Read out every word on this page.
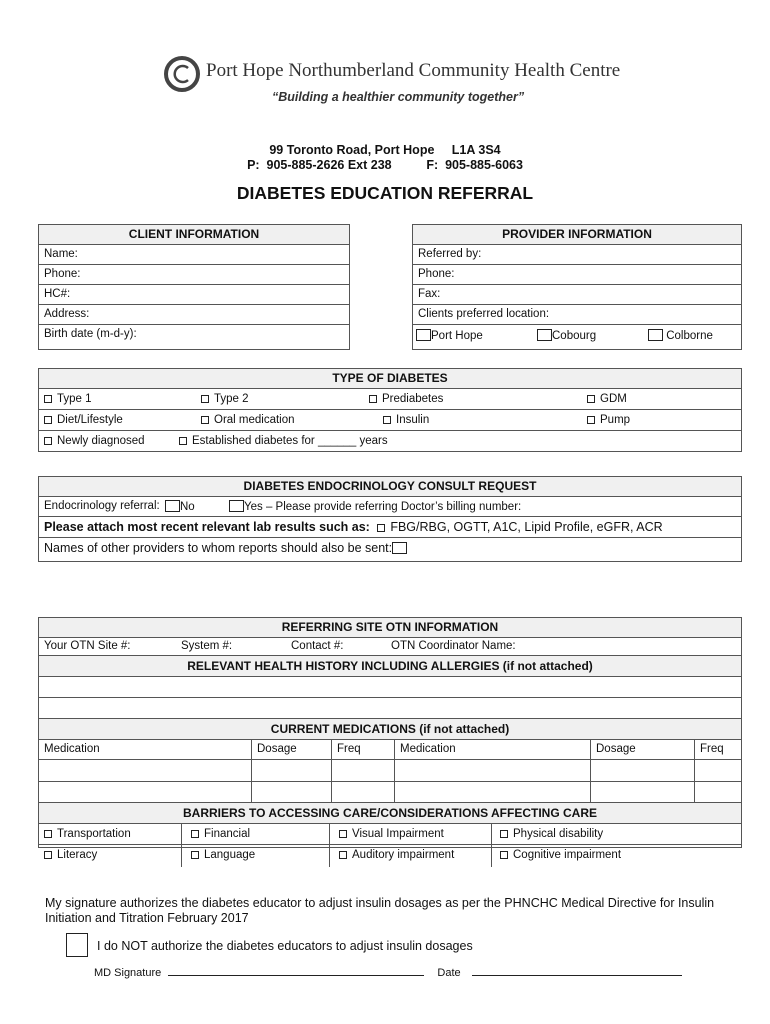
Port Hope Northumberland Community Health Centre
“Building a healthier community together”
99 Toronto Road, Port Hope     L1A 3S4
P:  905-885-2626 Ext 238          F:  905-885-6063
DIABETES EDUCATION REFERRAL
CLIENT INFORMATION
Name:
Phone:
HC#:
Address:
Birth date (m-d-y):
PROVIDER INFORMATION
Referred by:
Phone:
Fax:
Clients preferred location:
Port Hope	Cobourg	Colborne
TYPE OF DIABETES
Type 1	Type 2	Prediabetes	GDM
Diet/Lifestyle	Oral medication	Insulin	Pump
Newly diagnosed	Established diabetes for ______ years
DIABETES ENDOCRINOLOGY CONSULT REQUEST
Endocrinology referral:	No	Yes – Please provide referring Doctor’s billing number:
Please attach most recent relevant lab results such as: FBG/RBG, OGTT, A1C, Lipid Profile, eGFR, ACR
Names of other providers to whom reports should also be sent:
REFERRING SITE OTN INFORMATION
Your OTN Site #:	System #:	Contact #:	OTN Coordinator Name:
RELEVANT HEALTH HISTORY INCLUDING ALLERGIES (if not attached)
CURRENT MEDICATIONS (if not attached)
Medication	Dosage	Freq	Medication	Dosage	Freq
BARRIERS TO ACCESSING CARE/CONSIDERATIONS AFFECTING CARE
Transportation	Financial	Visual Impairment	Physical disability
Literacy	Language	Auditory impairment	Cognitive impairment
My signature authorizes the diabetes educator to adjust insulin dosages as per the PHNCHC Medical Directive for Insulin
Initiation and Titration February 2017
I do NOT authorize the diabetes educators to adjust insulin dosages
MD Signature	Date
